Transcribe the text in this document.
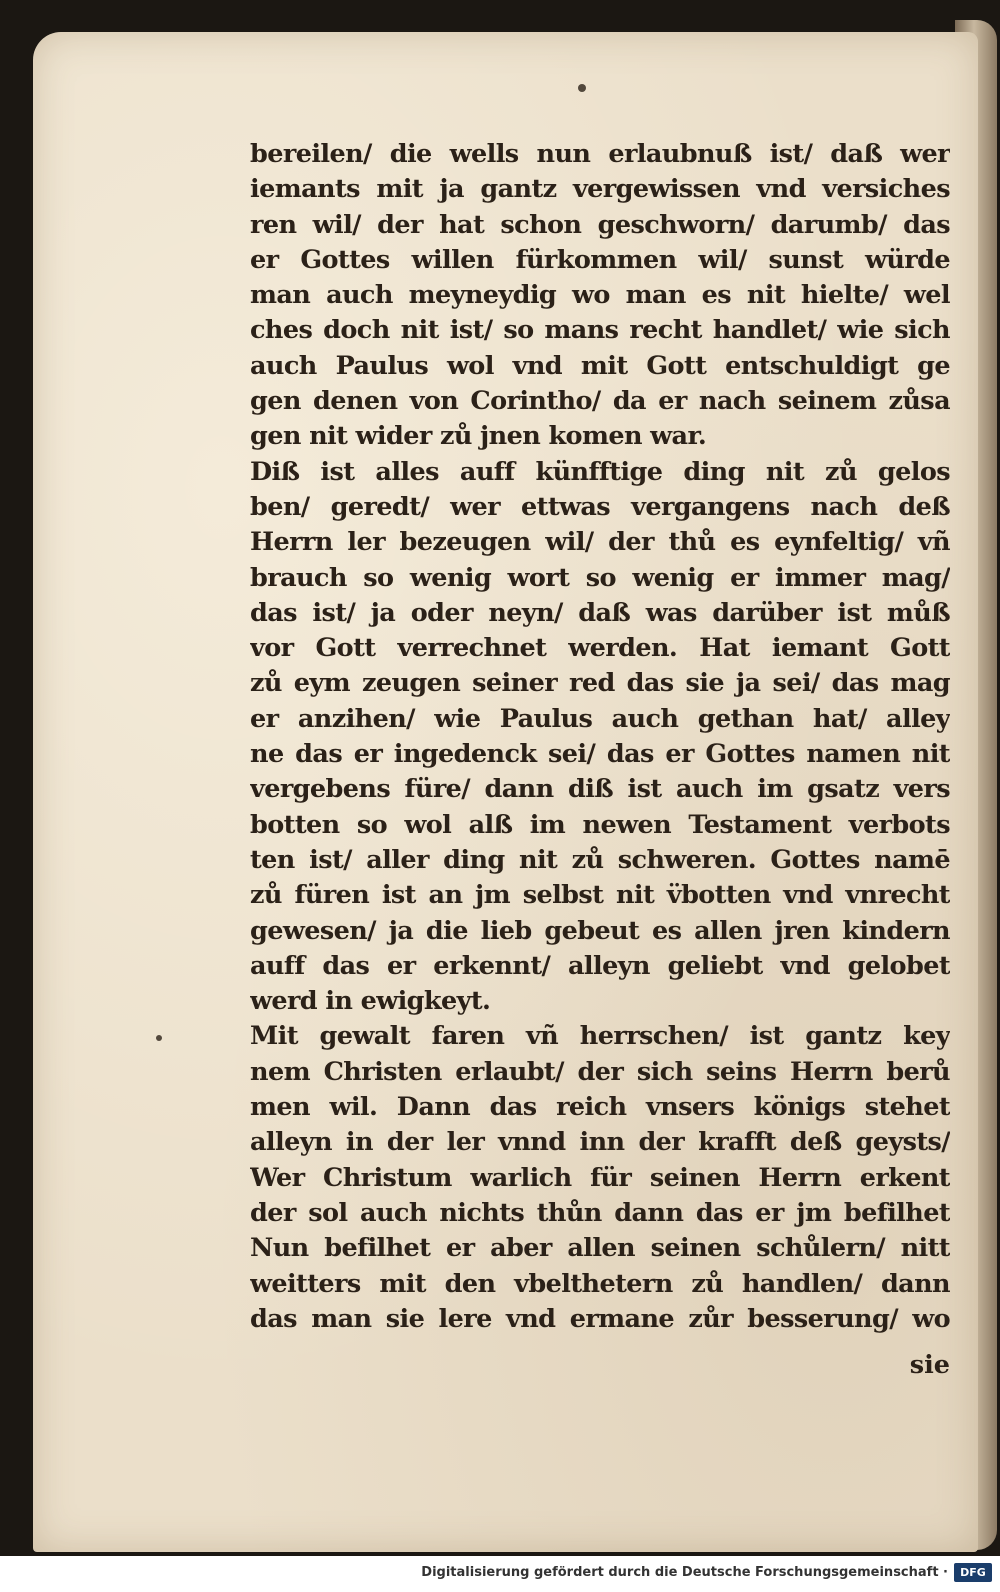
bereilen/ die wells nun erlaubnuß ist/ daß wer
iemants mit ja gantz vergewissen vnd versiches
ren wil/ der hat schon geschworn/ darumb/ das
er Gottes willen fürkommen wil/ sunst würde
man auch meyneydig wo man es nit hielte/ wel
ches doch nit ist/ so mans recht handlet/ wie sich
auch Paulus wol vnd mit Gott entschuldigt ge
gen denen von Corintho/ da er nach seinem zůsa
gen nit wider zů jnen komen war.
Diß ist alles auff künfftige ding nit zů gelos
ben/ geredt/ wer ettwas vergangens nach deß
Herrn ler bezeugen wil/ der thů es eynfeltig/ vñ
brauch so wenig wort so wenig er immer mag/
das ist/ ja oder neyn/ daß was darüber ist můß
vor Gott verrechnet werden. Hat iemant Gott
zů eym zeugen seiner red das sie ja sei/ das mag
er anzihen/ wie Paulus auch gethan hat/ alley
ne das er ingedenck sei/ das er Gottes namen nit
vergebens füre/ dann diß ist auch im gsatz vers
botten so wol alß im newen Testament verbots
ten ist/ aller ding nit zů schweren. Gottes namē
zů füren ist an jm selbst nit v̈botten vnd vnrecht
gewesen/ ja die lieb gebeut es allen jren kindern
auff das er erkennt/ alleyn geliebt vnd gelobet
werd in ewigkeyt.
Mit gewalt faren vñ herrschen/ ist gantz key
nem Christen erlaubt/ der sich seins Herrn berů
men wil. Dann das reich vnsers königs stehet
alleyn in der ler vnnd inn der krafft deß geysts/
Wer Christum warlich für seinen Herrn erkent
der sol auch nichts thůn dann das er jm befilhet
Nun befilhet er aber allen seinen schůlern/ nitt
weitters mit den vbelthetern zů handlen/ dann
das man sie lere vnd ermane zůr besserung/ wo
sie
Digitalisierung gefördert durch die Deutsche Forschungsgemeinschaft ·	DFG
